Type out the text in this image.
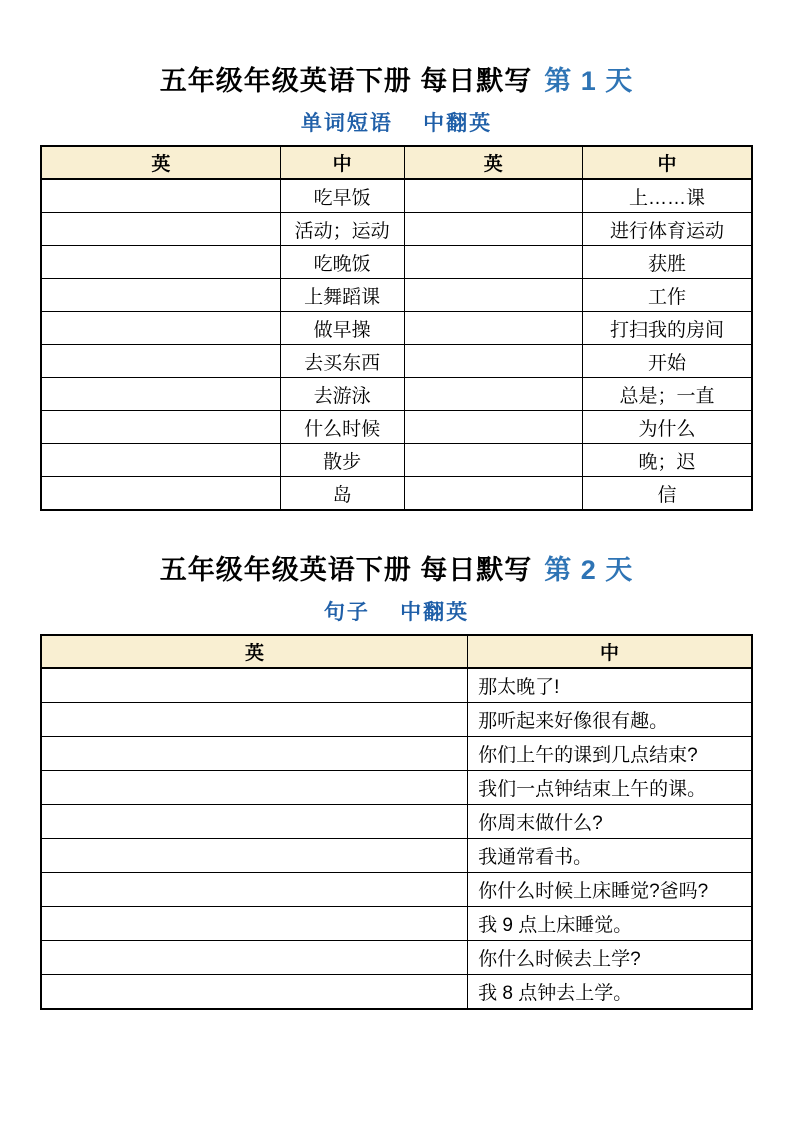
五年级年级英语下册 每日默写 第 1 天
单词短语　 中翻英
英	中	英	中
	吃早饭		上……课
	活动；运动		进行体育运动
	吃晚饭		获胜
	上舞蹈课		工作
	做早操		打扫我的房间
	去买东西		开始
	去游泳		总是；一直
	什么时候		为什么
	散步		晚；迟
	岛		信
五年级年级英语下册 每日默写 第 2 天
句子　 中翻英
英	中
	那太晚了!
	那听起来好像很有趣。
	你们上午的课到几点结束?
	我们一点钟结束上午的课。
	你周末做什么?
	我通常看书。
	你什么时候上床睡觉?爸吗?
	我 9 点上床睡觉。
	你什么时候去上学?
	我 8 点钟去上学。
